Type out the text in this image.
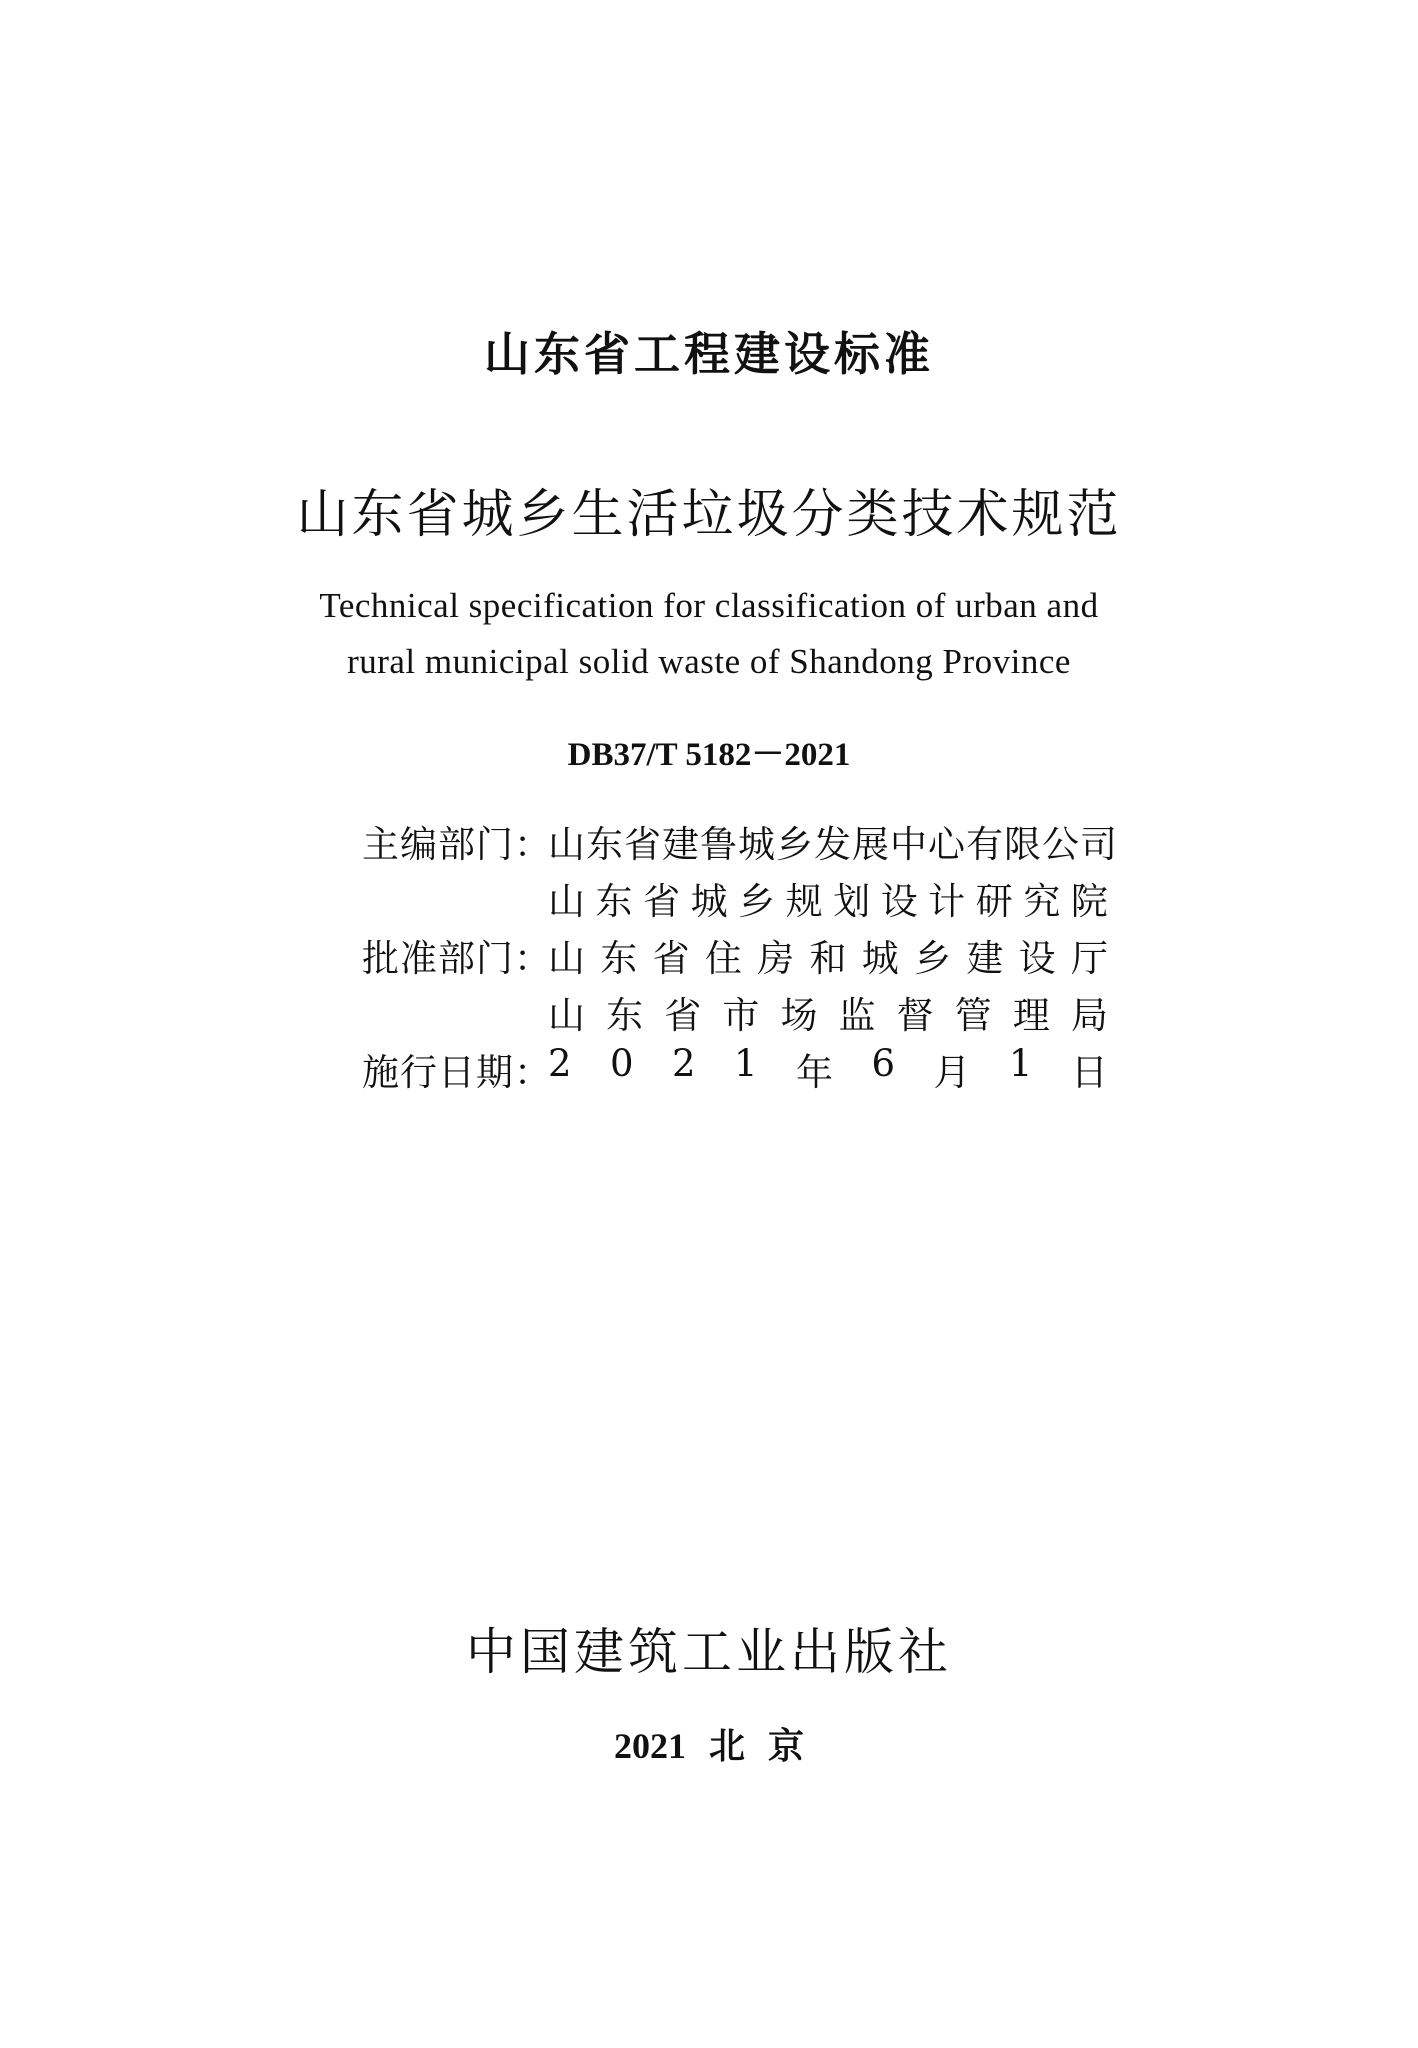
山东省工程建设标准
山东省城乡生活垃圾分类技术规范
Technical specification for classification of urban and
rural municipal solid waste of Shandong Province
DB37/T 5182－2021
主编部门：
山东省建鲁城乡发展中心有限公司
山 东 省 城 乡 规 划 设 计 研 究 院
批准部门：
山 东 省 住 房 和 城 乡 建 设 厅
山 东 省 市 场 监 督 管 理 局
施行日期：
2 0 2 1 年 6 月 1 日
中国建筑工业出版社
2021 北 京
